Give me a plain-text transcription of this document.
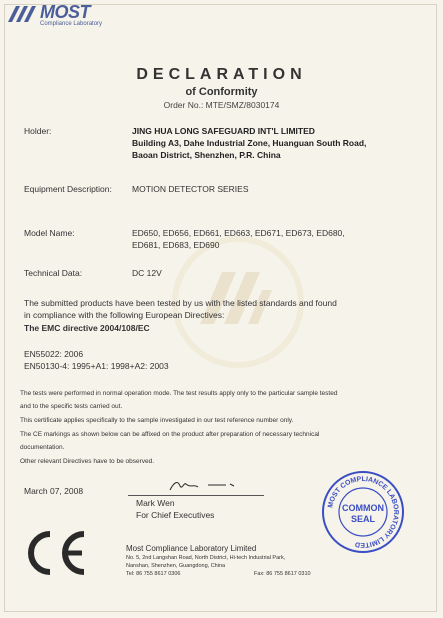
MOST
Compliance Laboratory
DECLARATION
of Conformity
Order No.: MTE/SMZ/8030174
Holder:	JING HUA LONG SAFEGUARD INT'L LIMITED
Building A3, Dahe Industrial Zone, Huanguan South Road,
Baoan District, Shenzhen, P.R. China
Equipment Description: MOTION DETECTOR SERIES
Model Name:	ED650, ED656, ED661, ED663, ED671, ED673, ED680,
ED681, ED683, ED690
Technical Data:	DC 12V
The submitted products have been tested by us with the listed standards and found
in compliance with the following European Directives:
The EMC directive 2004/108/EC
EN55022: 2006
EN50130-4: 1995+A1: 1998+A2: 2003
The tests were performed in normal operation mode. The test results apply only to the particular sample tested
and to the specific tests carried out.
This certificate applies specifically to the sample investigated in our test reference number only.
The CE markings as shown below can be affixed on the product after preparation of necessary technical
documentation.
Other relevant Directives have to be observed.
March 07, 2008
Mark Wen
For Chief Executives
Most Compliance Laboratory Limited
No. 5, 2nd Langshan Road, North District, Hi-tech Industrial Park,
Nanshan, Shenzhen, Guangdong, China
Tel: 86 755 8617 0306	Fax: 86 755 8617 0310
MOST COMPLIANCE LABORATORY LIMITED
COMMON
SEAL
